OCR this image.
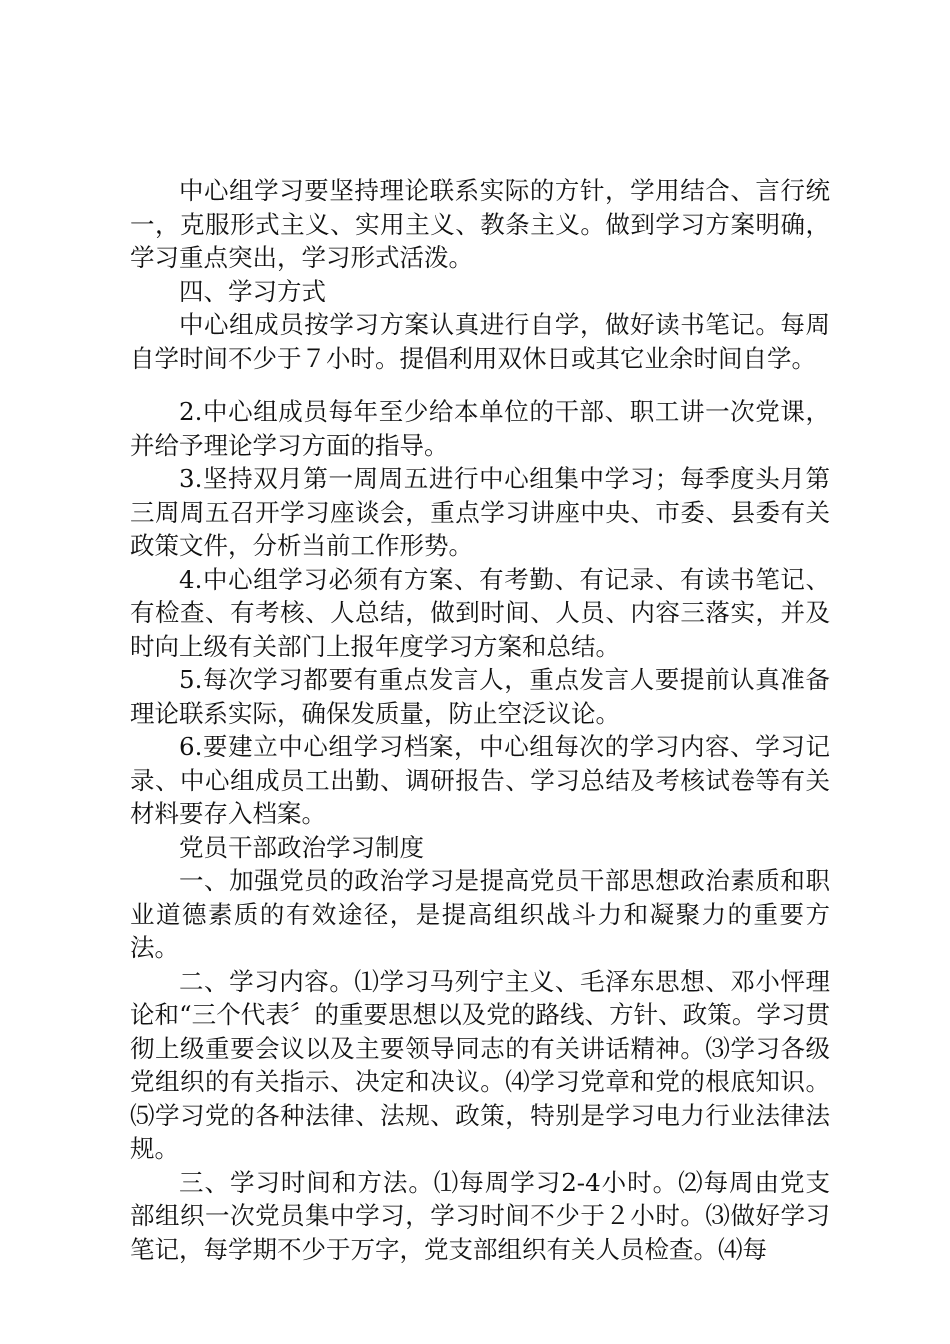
中心组学习要坚持理论联系实际的方针，学用结合、言行统一，克服形式主义、实用主义、教条主义。做到学习方案明确，学习重点突出，学习形式活泼。

四、学习方式

中心组成员按学习方案认真进行自学，做好读书笔记。每周自学时间不少于７小时。提倡利用双休日或其它业余时间自学。

2.中心组成员每年至少给本单位的干部、职工讲一次党课，并给予理论学习方面的指导。

3.坚持双月第一周周五进行中心组集中学习；每季度头月第三周周五召开学习座谈会，重点学习讲座中央、市委、县委有关政策文件，分析当前工作形势。

4.中心组学习必须有方案、有考勤、有记录、有读书笔记、有检查、有考核、人总结，做到时间、人员、内容三落实，并及时向上级有关部门上报年度学习方案和总结。

5.每次学习都要有重点发言人，重点发言人要提前认真准备理论联系实际，确保发质量，防止空泛议论。

6.要建立中心组学习档案，中心组每次的学习内容、学习记录、中心组成员工出勤、调研报告、学习总结及考核试卷等有关材料要存入档案。

党员干部政治学习制度

一、加强党员的政治学习是提高党员干部思想政治素质和职业道德素质的有效途径，是提高组织战斗力和凝聚力的重要方法。

二、学习内容。⑴学习马列宁主义、毛泽东思想、邓小怦理论和“三个代表〞的重要思想以及党的路线、方针、政策。学习贯彻上级重要会议以及主要领导同志的有关讲话精神。⑶学习各级党组织的有关指示、决定和决议。⑷学习党章和党的根底知识。⑸学习党的各种法律、法规、政策，特别是学习电力行业法律法规。

三、学习时间和方法。⑴每周学习2-4小时。⑵每周由党支部组织一次党员集中学习，学习时间不少于２小时。⑶做好学习笔记，每学期不少于万字，党支部组织有关人员检查。⑷每
